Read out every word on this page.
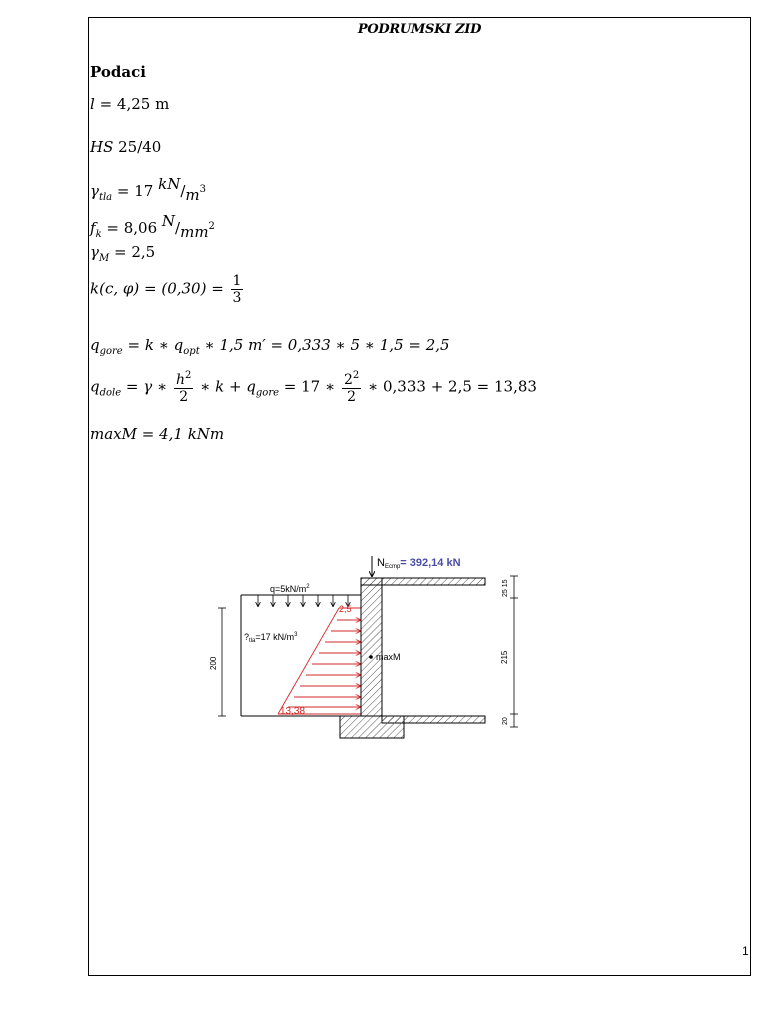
PODRUMSKI ZID
Podaci
l = 4,25 m
HS 25/40
$\gamma_{tla} = 17$ $kN/m^3$
$f_k = 8,06$ $N/mm^2$
$\gamma_M = 2,5$
k(c, $\varphi) = (0,30) = \frac{1}{3}$
$q_{gore} = k$ ∗ $q_{opt}$ ∗ 1,5 m′ = 0,333 ∗ 5 ∗ 1,5 = 2,5
$q_{dole} = \gamma$ ∗ $\frac{h^2}{2}$ ∗ $k + q_{gore} = 17$ ∗ $\frac{2^2}{2}$ ∗ 0,333 + 2,5 = 13,83
maxM = 4,1 kNm
$q=5kN/m^2$
2,5
13,38
$?_{tla}=17$ $kN/m^3$
NEcmp= 392,14 kN
maxM
200
25 15
215
20
1
